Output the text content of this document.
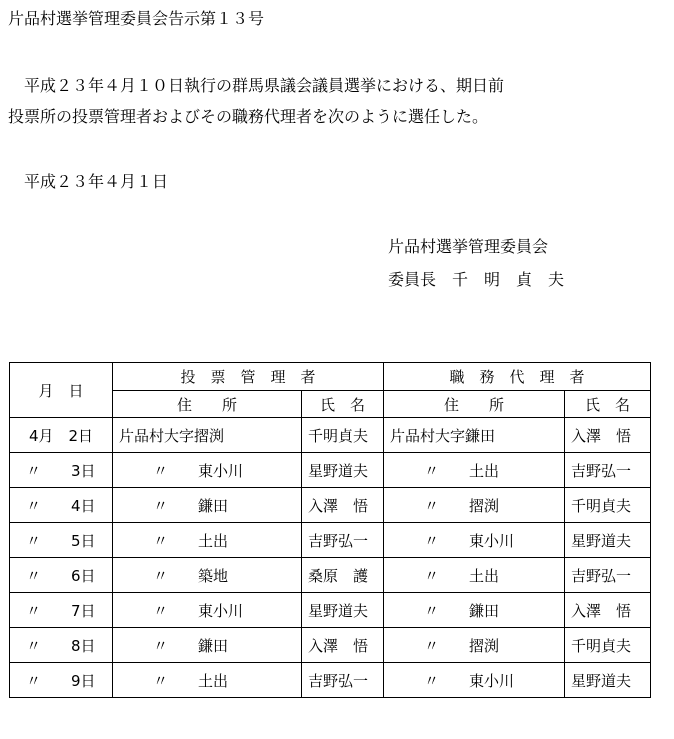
片品村選挙管理委員会告示第１３号
　平成２３年４月１０日執行の群馬県議会議員選挙における、期日前
投票所の投票管理者およびその職務代理者を次のように選任した。
　平成２３年４月１日
片品村選挙管理委員会
委員長　千　明　貞　夫
月　日	投　票　管　理　者		職　務　代　理　者	
	住　　所	氏　名	住　　所	氏　名
4月　2日	片品村大字摺渕	千明貞夫	片品村大字鎌田	入澤　悟
〃　　3日	〃　　東小川	星野道夫	〃　　土出	吉野弘一
〃　　4日	〃　　鎌田	入澤　悟	〃　　摺渕	千明貞夫
〃　　5日	〃　　土出	吉野弘一	〃　　東小川	星野道夫
〃　　6日	〃　　築地	桑原　護	〃　　土出	吉野弘一
〃　　7日	〃　　東小川	星野道夫	〃　　鎌田	入澤　悟
〃　　8日	〃　　鎌田	入澤　悟	〃　　摺渕	千明貞夫
〃　　9日	〃　　土出	吉野弘一	〃　　東小川	星野道夫
